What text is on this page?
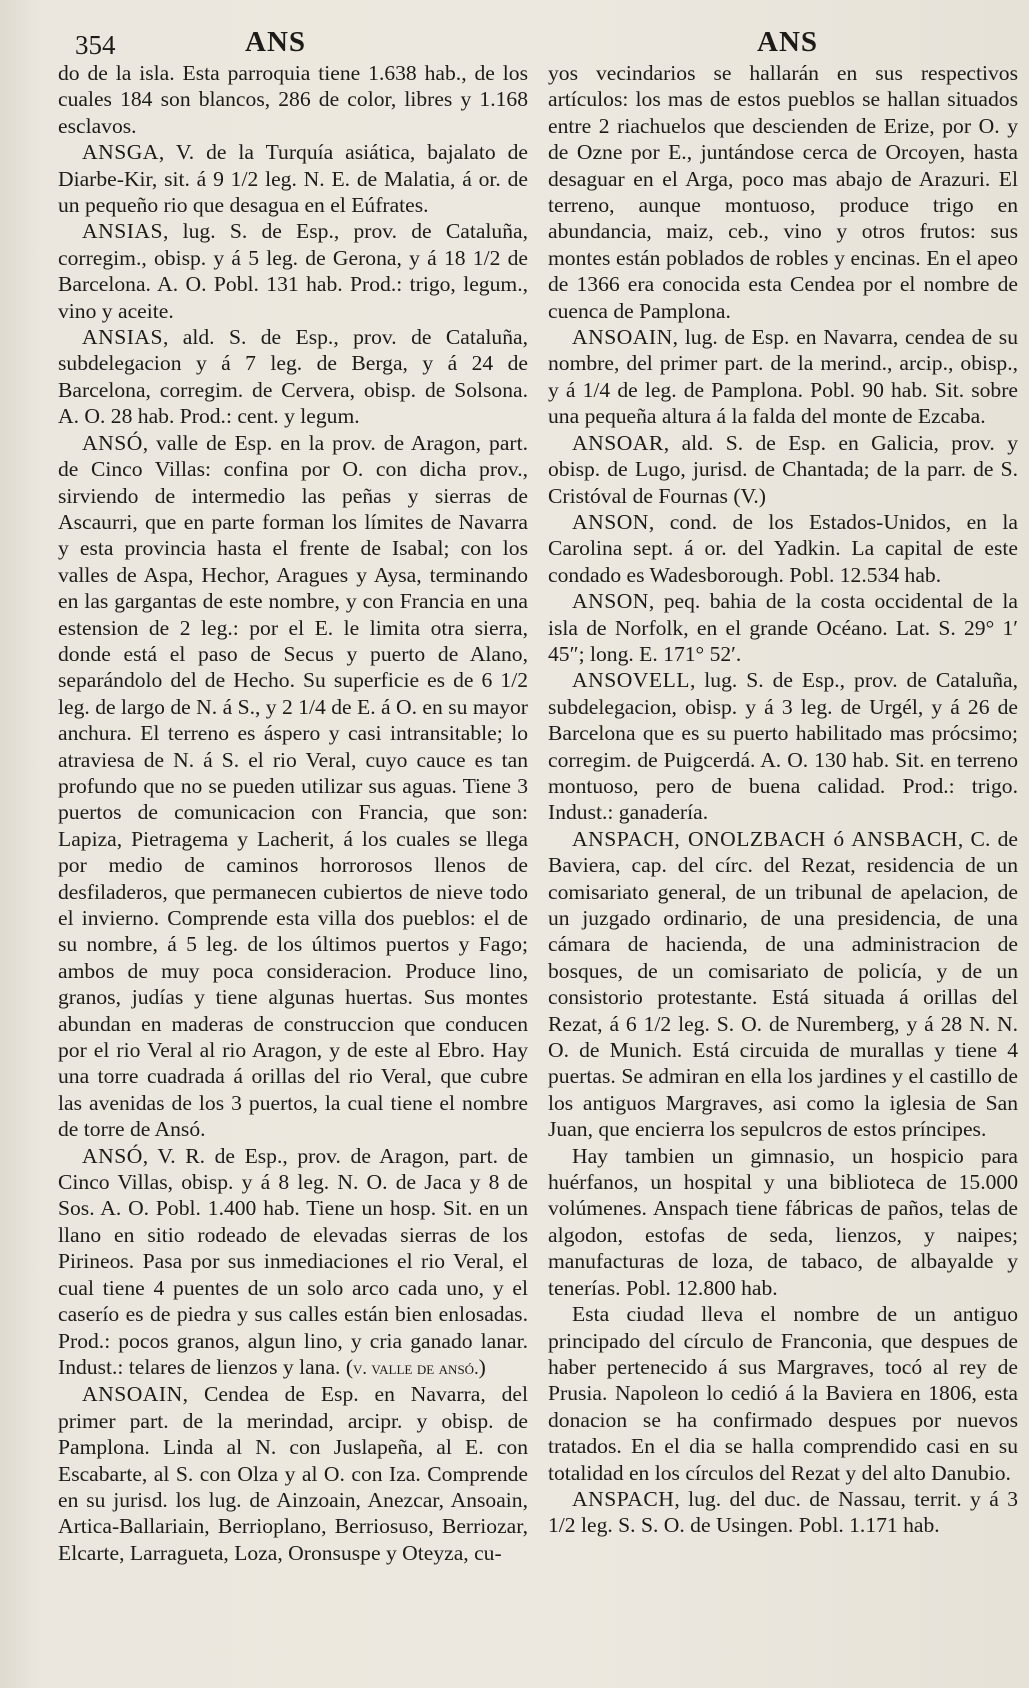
354	ANS	ANS

do de la isla. Esta parroquia tiene 1.638 hab., de los cuales 184 son blancos, 286 de color, libres y 1.168 esclavos.

ANSGA, V. de la Turquía asiática, bajalato de Diarbe-Kir, sit. á 9 1/2 leg. N. E. de Malatia, á or. de un pequeño rio que desagua en el Eúfrates.

ANSIAS, lug. S. de Esp., prov. de Cataluña, corregim., obisp. y á 5 leg. de Gerona, y á 18 1/2 de Barcelona. A. O. Pobl. 131 hab. Prod.: trigo, legum., vino y aceite.

ANSIAS, ald. S. de Esp., prov. de Cataluña, subdelegacion y á 7 leg. de Berga, y á 24 de Barcelona, corregim. de Cervera, obisp. de Solsona. A. O. 28 hab. Prod.: cent. y legum.

ANSÓ, valle de Esp. en la prov. de Aragon, part. de Cinco Villas: confina por O. con dicha prov., sirviendo de intermedio las peñas y sierras de Ascaurri, que en parte forman los límites de Navarra y esta provincia hasta el frente de Isabal; con los valles de Aspa, Hechor, Aragues y Aysa, terminando en las gargantas de este nombre, y con Francia en una estension de 2 leg.: por el E. le limita otra sierra, donde está el paso de Secus y puerto de Alano, separándolo del de Hecho. Su superficie es de 6 1/2 leg. de largo de N. á S., y 2 1/4 de E. á O. en su mayor anchura. El terreno es áspero y casi intransitable; lo atraviesa de N. á S. el rio Veral, cuyo cauce es tan profundo que no se pueden utilizar sus aguas. Tiene 3 puertos de comunicacion con Francia, que son: Lapiza, Pietragema y Lacherit, á los cuales se llega por medio de caminos horrorosos llenos de desfiladeros, que permanecen cubiertos de nieve todo el invierno. Comprende esta villa dos pueblos: el de su nombre, á 5 leg. de los últimos puertos y Fago; ambos de muy poca consideracion. Produce lino, granos, judías y tiene algunas huertas. Sus montes abundan en maderas de construccion que conducen por el rio Veral al rio Aragon, y de este al Ebro. Hay una torre cuadrada á orillas del rio Veral, que cubre las avenidas de los 3 puertos, la cual tiene el nombre de torre de Ansó.

ANSÓ, V. R. de Esp., prov. de Aragon, part. de Cinco Villas, obisp. y á 8 leg. N. O. de Jaca y 8 de Sos. A. O. Pobl. 1.400 hab. Tiene un hosp. Sit. en un llano en sitio rodeado de elevadas sierras de los Pirineos. Pasa por sus inmediaciones el rio Veral, el cual tiene 4 puentes de un solo arco cada uno, y el caserío es de piedra y sus calles están bien enlosadas. Prod.: pocos granos, algun lino, y cria ganado lanar. Indust.: telares de lienzos y lana. (v. valle de ansó.)

ANSOAIN, Cendea de Esp. en Navarra, del primer part. de la merindad, arcipr. y obisp. de Pamplona. Linda al N. con Juslapeña, al E. con Escabarte, al S. con Olza y al O. con Iza. Comprende en su jurisd. los lug. de Ainzoain, Anezcar, Ansoain, Artica-Ballariain, Berrioplano, Berriosuso, Berriozar, Elcarte, Larragueta, Loza, Oronsuspe y Oteyza, cu-

yos vecindarios se hallarán en sus respectivos artículos: los mas de estos pueblos se hallan situados entre 2 riachuelos que descienden de Erize, por O. y de Ozne por E., juntándose cerca de Orcoyen, hasta desaguar en el Arga, poco mas abajo de Arazuri. El terreno, aunque montuoso, produce trigo en abundancia, maiz, ceb., vino y otros frutos: sus montes están poblados de robles y encinas. En el apeo de 1366 era conocida esta Cendea por el nombre de cuenca de Pamplona.

ANSOAIN, lug. de Esp. en Navarra, cendea de su nombre, del primer part. de la merind., arcip., obisp., y á 1/4 de leg. de Pamplona. Pobl. 90 hab. Sit. sobre una pequeña altura á la falda del monte de Ezcaba.

ANSOAR, ald. S. de Esp. en Galicia, prov. y obisp. de Lugo, jurisd. de Chantada; de la parr. de S. Cristóval de Fournas (V.)

ANSON, cond. de los Estados-Unidos, en la Carolina sept. á or. del Yadkin. La capital de este condado es Wadesborough. Pobl. 12.534 hab.

ANSON, peq. bahia de la costa occidental de la isla de Norfolk, en el grande Océano. Lat. S. 29° 1′ 45″; long. E. 171° 52′.

ANSOVELL, lug. S. de Esp., prov. de Cataluña, subdelegacion, obisp. y á 3 leg. de Urgél, y á 26 de Barcelona que es su puerto habilitado mas prócsimo; corregim. de Puigcerdá. A. O. 130 hab. Sit. en terreno montuoso, pero de buena calidad. Prod.: trigo. Indust.: ganadería.

ANSPACH, ONOLZBACH ó ANSBACH, C. de Baviera, cap. del círc. del Rezat, residencia de un comisariato general, de un tribunal de apelacion, de un juzgado ordinario, de una presidencia, de una cámara de hacienda, de una administracion de bosques, de un comisariato de policía, y de un consistorio protestante. Está situada á orillas del Rezat, á 6 1/2 leg. S. O. de Nuremberg, y á 28 N. N. O. de Munich. Está circuida de murallas y tiene 4 puertas. Se admiran en ella los jardines y el castillo de los antiguos Margraves, asi como la iglesia de San Juan, que encierra los sepulcros de estos príncipes.

Hay tambien un gimnasio, un hospicio para huérfanos, un hospital y una biblioteca de 15.000 volúmenes. Anspach tiene fábricas de paños, telas de algodon, estofas de seda, lienzos, y naipes; manufacturas de loza, de tabaco, de albayalde y tenerías. Pobl. 12.800 hab.

Esta ciudad lleva el nombre de un antiguo principado del círculo de Franconia, que despues de haber pertenecido á sus Margraves, tocó al rey de Prusia. Napoleon lo cedió á la Baviera en 1806, esta donacion se ha confirmado despues por nuevos tratados. En el dia se halla comprendido casi en su totalidad en los círculos del Rezat y del alto Danubio.

ANSPACH, lug. del duc. de Nassau, territ. y á 3 1/2 leg. S. S. O. de Usingen. Pobl. 1.171 hab.
